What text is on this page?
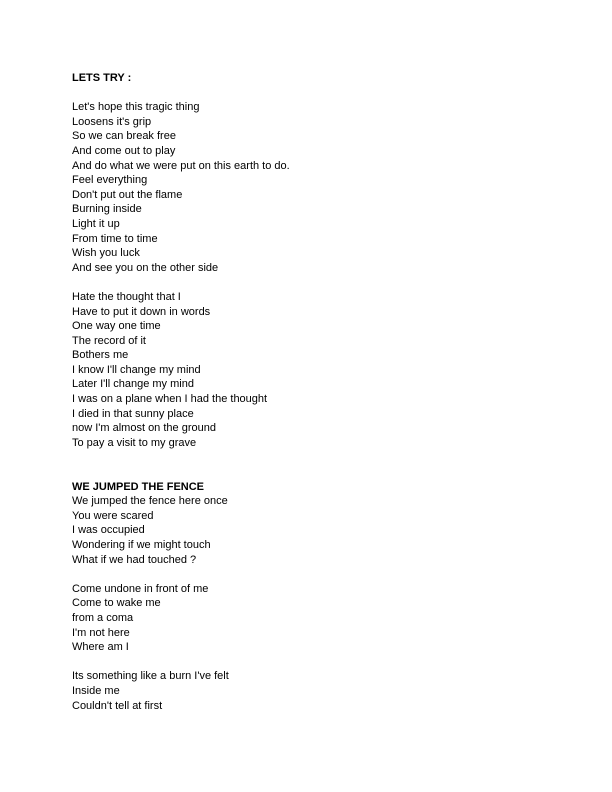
LETS TRY :
Let's hope this tragic thing
Loosens it's grip
So we can break free
And come out to play
And do what we were put on this earth to do.
Feel everything
Don't put out the flame
Burning inside
Light it up
From time to time
Wish you luck
And see you on the other side
Hate the thought that I
Have to put it down in words
One way one time
The record of it
Bothers me
I know I'll change my mind
Later I'll change my mind
I was on a plane when I had the thought
I died in that sunny place
now I'm almost on the ground
To pay a visit to my grave
WE JUMPED THE FENCE
We jumped the fence here once
You were scared
I was occupied
Wondering if we might touch
What if we had touched ?
Come undone in front of me
Come to wake me
from a coma
I'm not here
Where am I
Its something like a burn I've felt
Inside me
Couldn't tell at first
